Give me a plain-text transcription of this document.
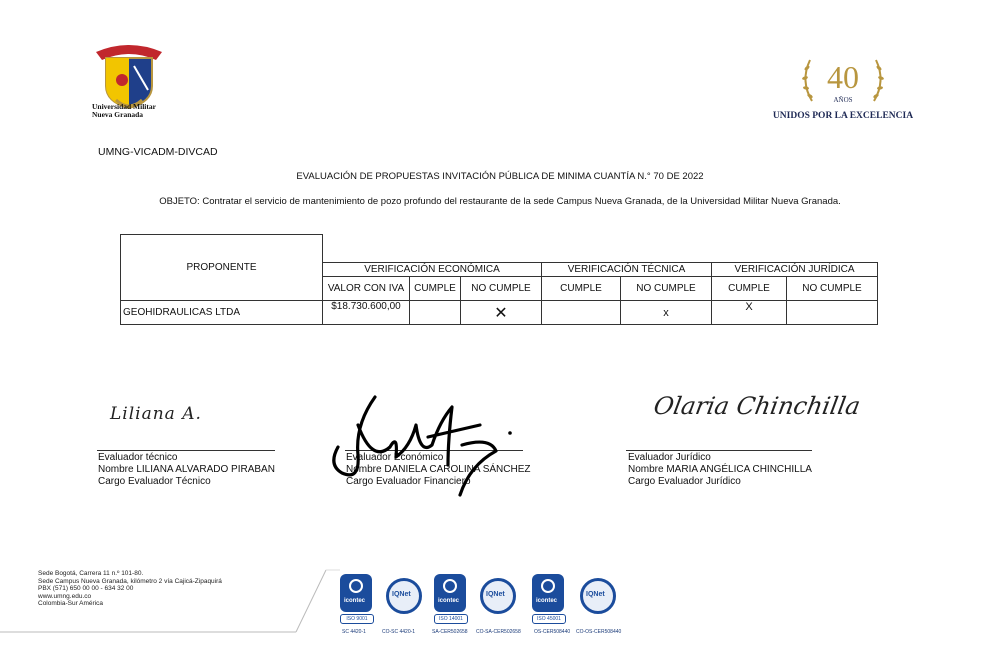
Universidad Militar
Nueva Granada
40
AÑOS
UNIDOS POR LA EXCELENCIA
UMNG-VICADM-DIVCAD
EVALUACIÓN DE PROPUESTAS INVITACIÓN PÚBLICA DE MINIMA CUANTÍA N.° 70 DE 2022
OBJETO: Contratar el servicio de mantenimiento de pozo profundo del restaurante de la sede Campus Nueva Granada, de la Universidad Militar Nueva Granada.
PROPONENTE							
	VERIFICACIÓN ECONÓMICA			VERIFICACIÓN TÉCNICA		VERIFICACIÓN JURÍDICA	
	VALOR CON IVA	CUMPLE	NO CUMPLE	CUMPLE	NO CUMPLE	CUMPLE	NO CUMPLE
GEOHIDRAULICAS LTDA	$18.730.600,00		✕		x	X	
Liliana A.
Evaluador técnico
Nombre LILIANA ALVARADO PIRABAN
Cargo Evaluador Técnico
Evaluador Económico
Nombre DANIELA CAROLINA SÁNCHEZ
Cargo Evaluador Financiero
Olaria Chinchilla
Evaluador Jurídico
Nombre MARIA ANGÉLICA CHINCHILLA
Cargo Evaluador Jurídico
Sede Bogotá, Carrera 11 n.º 101-80.
Sede Campus Nueva Granada, kilómetro 2 vía Cajicá-Zipaquirá
PBX (571) 650 00 00 - 634 32 00
www.umng.edu.co
Colombia-Sur América	icontec
ISO 9001
SC 4420-1
IQNet
CO-SC 4420-1
icontec
ISO 14001
SA-CER502658
IQNet
CO-SA-CER502658
icontec
ISO 45001
OS-CER508440
IQNet
CO-OS-CER508440
